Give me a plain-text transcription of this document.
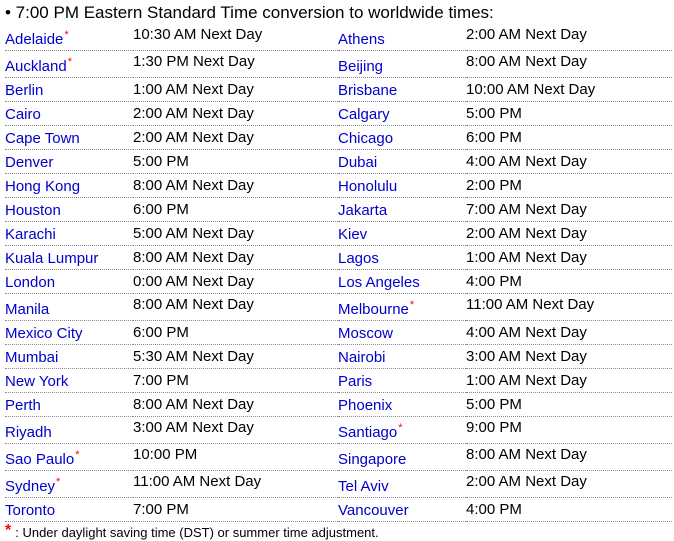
• 7:00 PM Eastern Standard Time conversion to worldwide times:
Adelaide*	10:30 AM Next Day	Athens	2:00 AM Next Day
Auckland*	1:30 PM Next Day	Beijing	8:00 AM Next Day
Berlin	1:00 AM Next Day	Brisbane	10:00 AM Next Day
Cairo	2:00 AM Next Day	Calgary	5:00 PM
Cape Town	2:00 AM Next Day	Chicago	6:00 PM
Denver	5:00 PM	Dubai	4:00 AM Next Day
Hong Kong	8:00 AM Next Day	Honolulu	2:00 PM
Houston	6:00 PM	Jakarta	7:00 AM Next Day
Karachi	5:00 AM Next Day	Kiev	2:00 AM Next Day
Kuala Lumpur	8:00 AM Next Day	Lagos	1:00 AM Next Day
London	0:00 AM Next Day	Los Angeles	4:00 PM
Manila	8:00 AM Next Day	Melbourne*	11:00 AM Next Day
Mexico City	6:00 PM	Moscow	4:00 AM Next Day
Mumbai	5:30 AM Next Day	Nairobi	3:00 AM Next Day
New York	7:00 PM	Paris	1:00 AM Next Day
Perth	8:00 AM Next Day	Phoenix	5:00 PM
Riyadh	3:00 AM Next Day	Santiago*	9:00 PM
Sao Paulo*	10:00 PM	Singapore	8:00 AM Next Day
Sydney*	11:00 AM Next Day	Tel Aviv	2:00 AM Next Day
Toronto	7:00 PM	Vancouver	4:00 PM
* : Under daylight saving time (DST) or summer time adjustment.
